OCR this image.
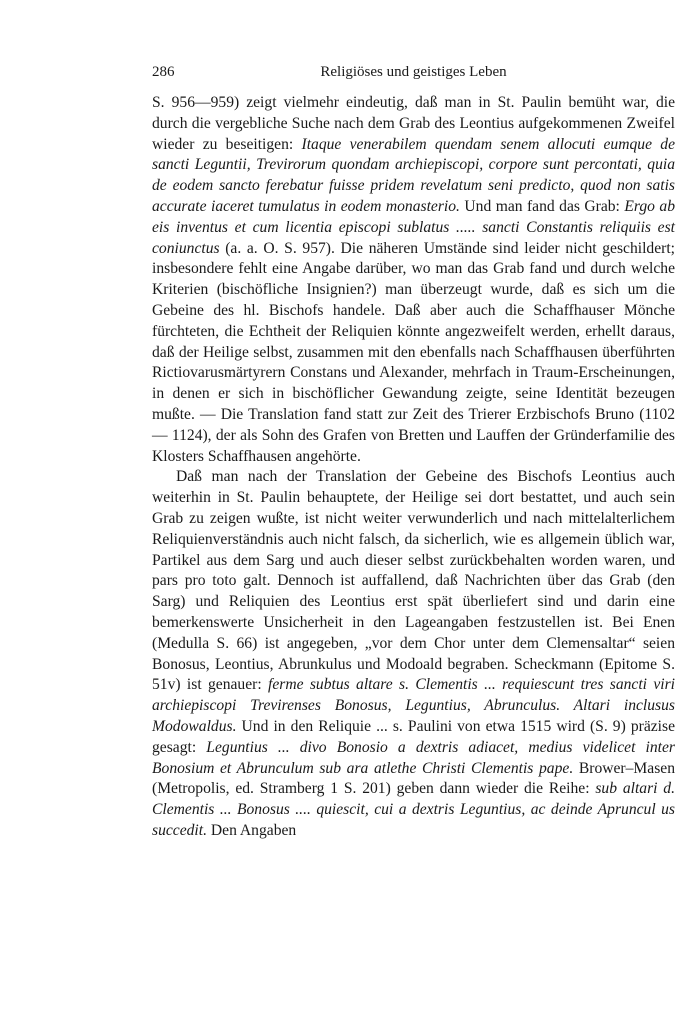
286	Religiöses und geistiges Leben

S. 956—959) zeigt vielmehr eindeutig, daß man in St. Paulin bemüht war, die durch die vergebliche Suche nach dem Grab des Leontius aufgekommenen Zweifel wieder zu beseitigen: Itaque venerabilem quendam senem allocuti eumque de sancti Leguntii, Trevirorum quondam archiepiscopi, corpore sunt percontati, quia de eodem sancto ferebatur fuisse pridem revelatum seni predicto, quod non satis accurate iaceret tumulatus in eodem monasterio. Und man fand das Grab: Ergo ab eis inventus et cum licentia episcopi sublatus ..... sancti Constantis reliquiis est coniunctus (a. a. O. S. 957). Die näheren Umstände sind leider nicht geschildert; insbesondere fehlt eine Angabe darüber, wo man das Grab fand und durch welche Kriterien (bischöfliche Insignien?) man überzeugt wurde, daß es sich um die Gebeine des hl. Bischofs handele. Daß aber auch die Schaffhauser Mönche fürchteten, die Echtheit der Reliquien könnte angezweifelt werden, erhellt daraus, daß der Heilige selbst, zusammen mit den ebenfalls nach Schaffhausen überführten Rictiovarusmärtyrern Constans und Alexander, mehrfach in Traum-Erscheinungen, in denen er sich in bischöflicher Gewandung zeigte, seine Identität bezeugen mußte. — Die Translation fand statt zur Zeit des Trierer Erzbischofs Bruno (1102 — 1124), der als Sohn des Grafen von Bretten und Lauffen der Gründerfamilie des Klosters Schaffhausen angehörte.

Daß man nach der Translation der Gebeine des Bischofs Leontius auch weiterhin in St. Paulin behauptete, der Heilige sei dort bestattet, und auch sein Grab zu zeigen wußte, ist nicht weiter verwunderlich und nach mittelalterlichem Reliquienverständnis auch nicht falsch, da sicherlich, wie es allgemein üblich war, Partikel aus dem Sarg und auch dieser selbst zurückbehalten worden waren, und pars pro toto galt. Dennoch ist auffallend, daß Nachrichten über das Grab (den Sarg) und Reliquien des Leontius erst spät überliefert sind und darin eine bemerkenswerte Unsicherheit in den Lageangaben festzustellen ist. Bei Enen (Medulla S. 66) ist angegeben, „vor dem Chor unter dem Clemensaltar“ seien Bonosus, Leontius, Abrunkulus und Modoald begraben. Scheckmann (Epitome S. 51v) ist genauer: ferme subtus altare s. Clementis ... requiescunt tres sancti viri archiepiscopi Trevirenses Bonosus, Leguntius, Abrunculus. Altari inclusus Modowaldus. Und in den Reliquie ... s. Paulini von etwa 1515 wird (S. 9) präzise gesagt: Leguntius ... divo Bonosio a dextris adiacet, medius videlicet inter Bonosium et Abrunculum sub ara atlethe Christi Clementis pape. Brower–Masen (Metropolis, ed. Stramberg 1 S. 201) geben dann wieder die Reihe: sub altari d. Clementis ... Bonosus .... quiescit, cui a dextris Leguntius, ac deinde Apruncul us succedit. Den Angaben
